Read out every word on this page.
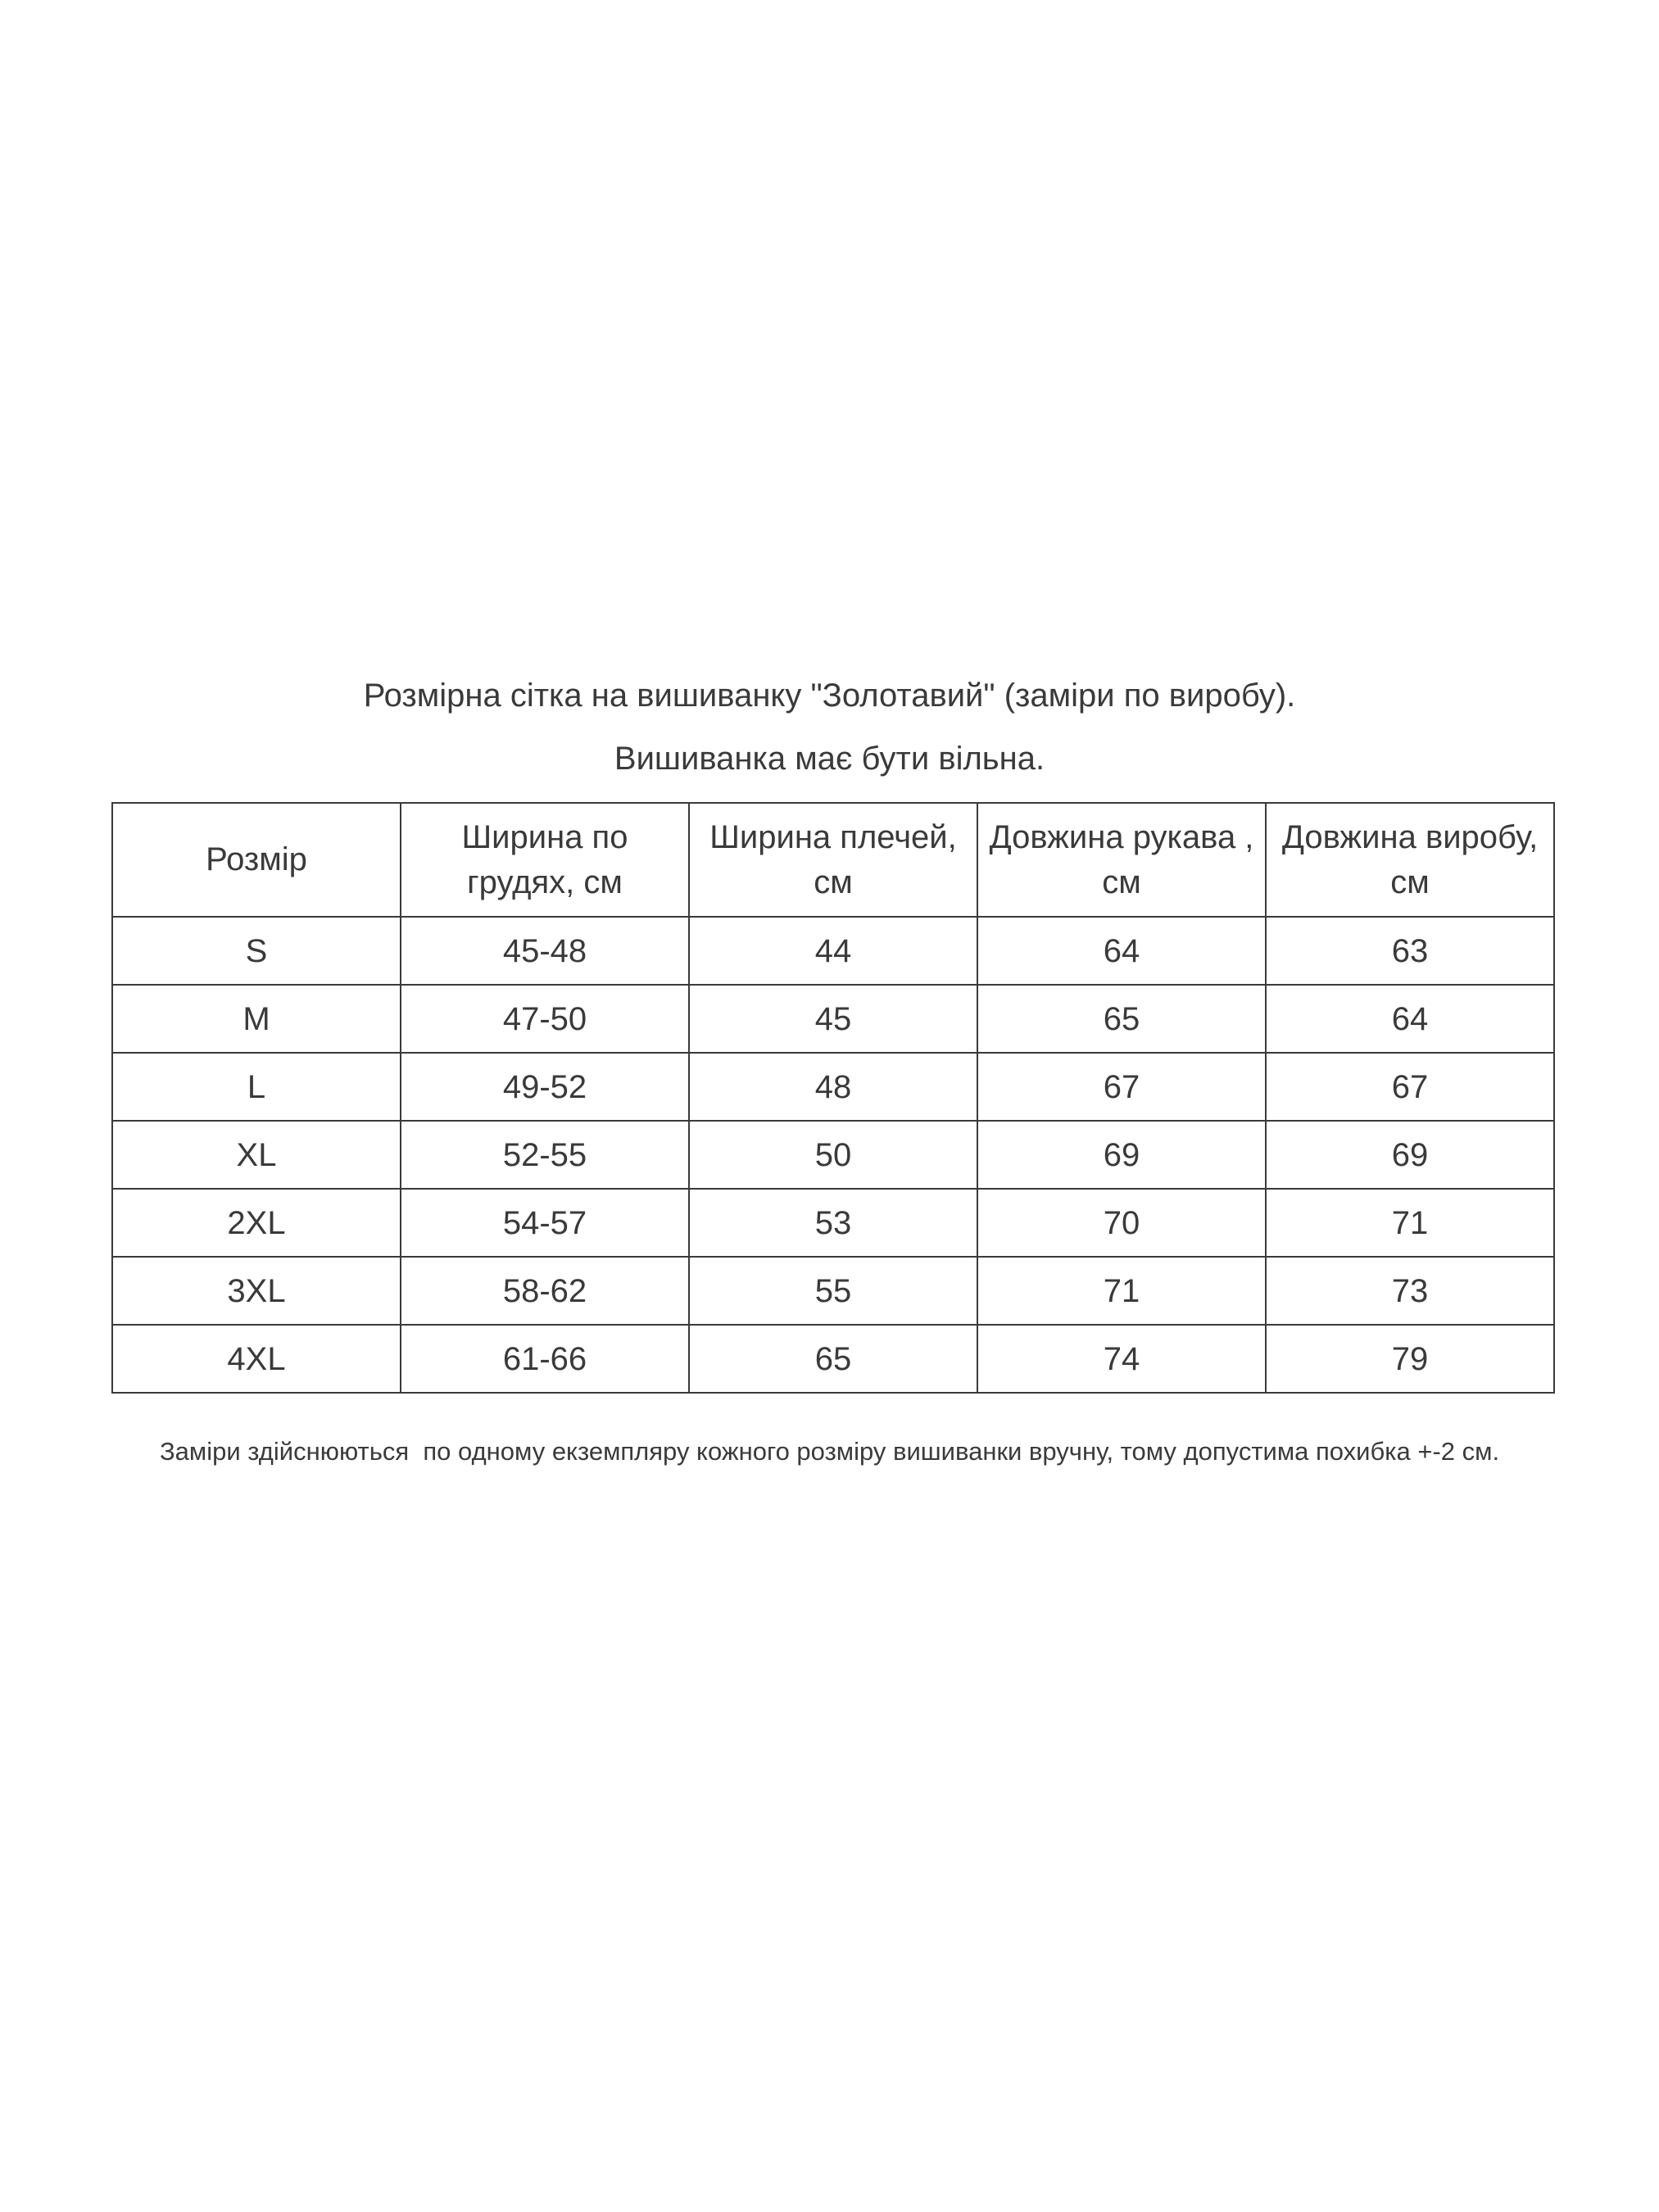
Розмірна сітка на вишиванку "Золотавий" (заміри по виробу).
Вишиванка має бути вільна.
Розмір	Ширина по грудях, см	Ширина плечей, см	Довжина рукава , см	Довжина виробу, см
S	45-48	44	64	63
M	47-50	45	65	64
L	49-52	48	67	67
XL	52-55	50	69	69
2XL	54-57	53	70	71
3XL	58-62	55	71	73
4XL	61-66	65	74	79
Заміри здійснюються  по одному екземпляру кожного розміру вишиванки вручну, тому допустима похибка +-2 см.
